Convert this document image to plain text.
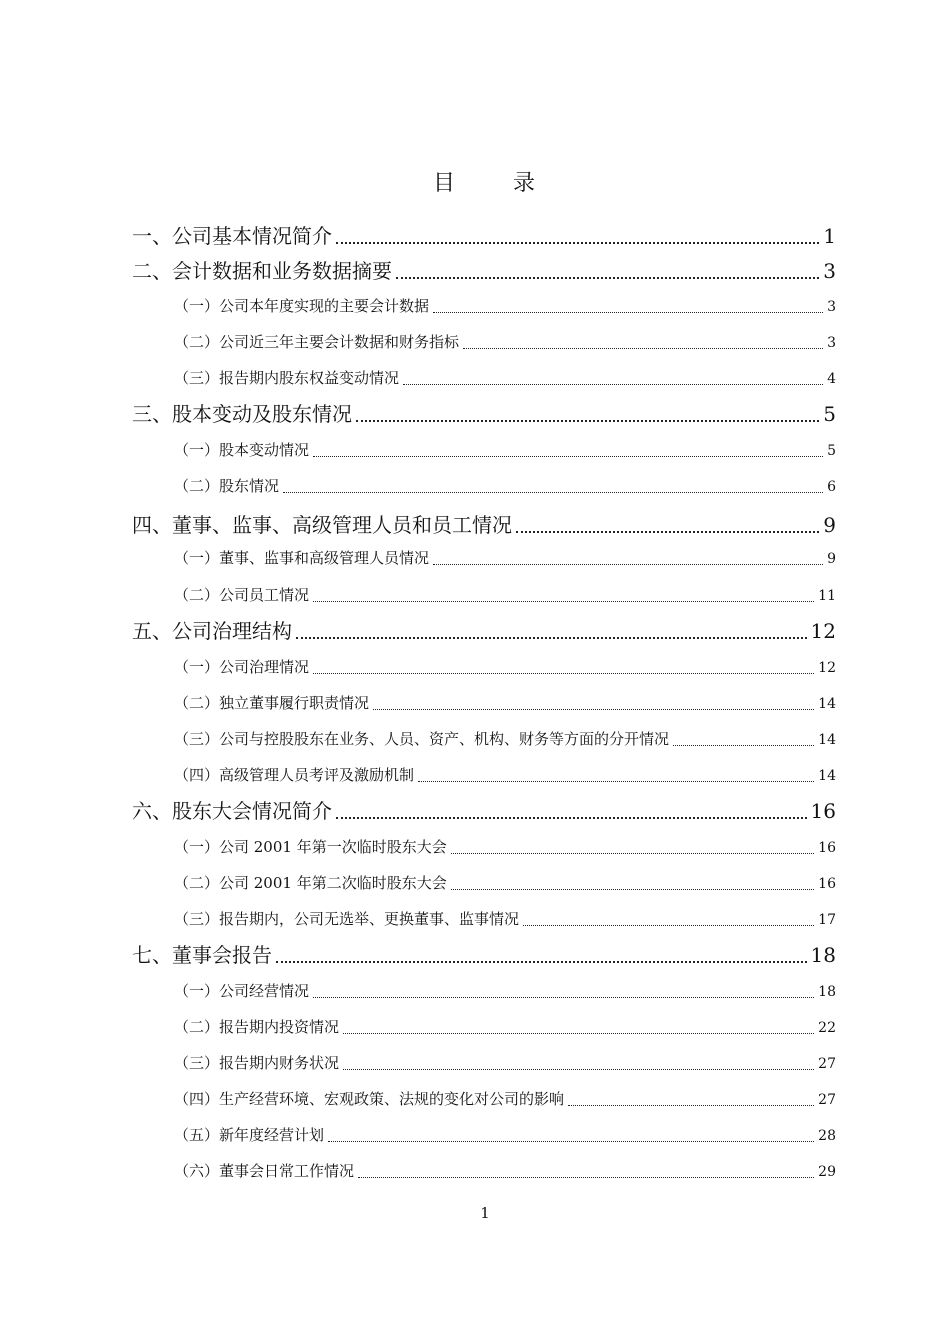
目	录
一、公司基本情况简介	1
二、会计数据和业务数据摘要	3
（一）公司本年度实现的主要会计数据	3
（二）公司近三年主要会计数据和财务指标	3
（三）报告期内股东权益变动情况	4
三、股本变动及股东情况	5
（一）股本变动情况	5
（二）股东情况	6
四、董事、监事、高级管理人员和员工情况	9
（一）董事、监事和高级管理人员情况	9
（二）公司员工情况	11
五、公司治理结构	12
（一）公司治理情况	12
（二）独立董事履行职责情况	14
（三）公司与控股股东在业务、人员、资产、机构、财务等方面的分开情况	14
（四）高级管理人员考评及激励机制	14
六、股东大会情况简介	16
（一）公司 2001 年第一次临时股东大会	16
（二）公司 2001 年第二次临时股东大会	16
（三）报告期内，公司无选举、更换董事、监事情况	17
七、董事会报告	18
（一）公司经营情况	18
（二）报告期内投资情况	22
（三）报告期内财务状况	27
（四）生产经营环境、宏观政策、法规的变化对公司的影响	27
（五）新年度经营计划	28
（六）董事会日常工作情况	29
1
